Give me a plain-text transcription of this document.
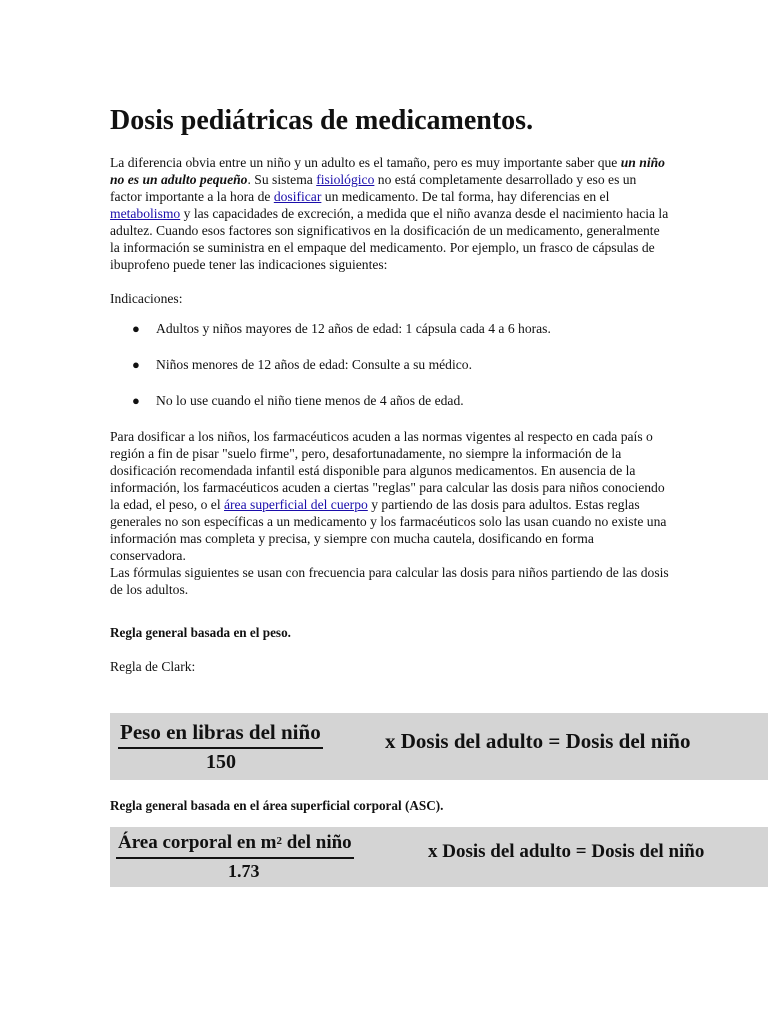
Dosis pediátricas de medicamentos.

La diferencia obvia entre un niño y un adulto es el tamaño, pero es muy importante saber que un niño no es un adulto pequeño. Su sistema fisiológico no está completamente desarrollado y eso es un factor importante a la hora de dosificar un medicamento. De tal forma, hay diferencias en el metabolismo y las capacidades de excreción, a medida que el niño avanza desde el nacimiento hacia la adultez. Cuando esos factores son significativos en la dosificación de un medicamento, generalmente la información se suministra en el empaque del medicamento. Por ejemplo, un frasco de cápsulas de ibuprofeno puede tener las indicaciones siguientes:

Indicaciones:

● Adultos y niños mayores de 12 años de edad: 1 cápsula cada 4 a 6 horas.
● Niños menores de 12 años de edad: Consulte a su médico.
● No lo use cuando el niño tiene menos de 4 años de edad.

Para dosificar a los niños, los farmacéuticos acuden a las normas vigentes al respecto en cada país o región a fin de pisar "suelo firme", pero, desafortunadamente, no siempre la información de la dosificación recomendada infantil está disponible para algunos medicamentos. En ausencia de la información, los farmacéuticos acuden a ciertas "reglas" para calcular las dosis para niños conociendo la edad, el peso, o el área superficial del cuerpo y partiendo de las dosis para adultos. Estas reglas generales no son específicas a un medicamento y los farmacéuticos solo las usan cuando no existe una información mas completa y precisa, y siempre con mucha cautela, dosificando en forma conservadora.
Las fórmulas siguientes se usan con frecuencia para calcular las dosis para niños partiendo de las dosis de los adultos.

Regla general basada en el peso.

Regla de Clark:

Peso en libras del niño
150
x Dosis del adulto = Dosis del niño

Regla general basada en el área superficial corporal (ASC).

Área corporal en $m^2$ del niño
1.73
x Dosis del adulto = Dosis del niño
